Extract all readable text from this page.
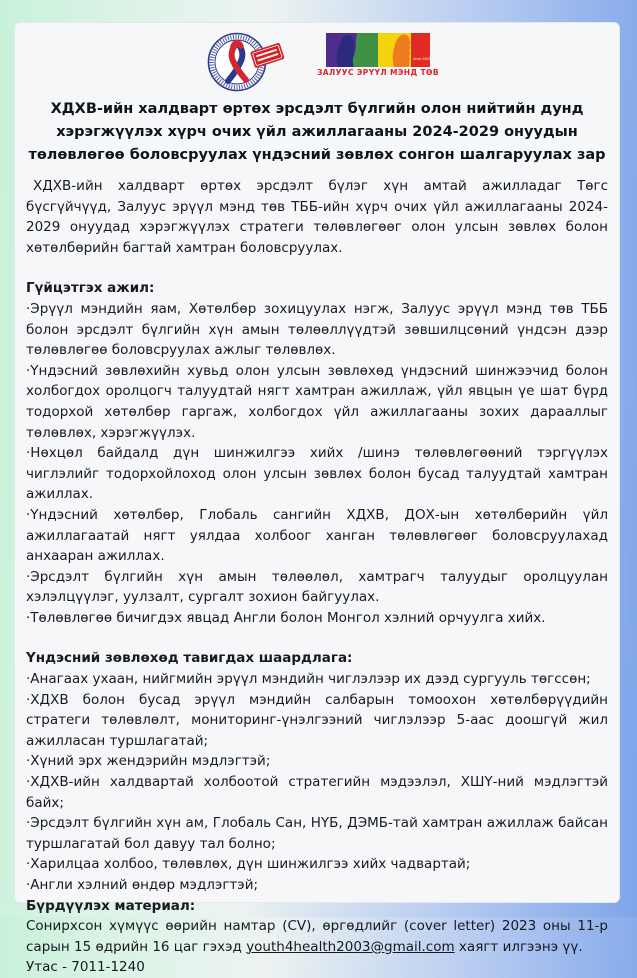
since 2003
ЗАЛУУС ЭРҮҮЛ МЭНД ТӨВ
ХДХВ-ийн халдварт өртөх эрсдэлт бүлгийн олон нийтийн дунд хэрэгжүүлэх хүрч очих үйл ажиллагааны 2024-2029 онуудын төлөвлөгөө боловсруулах үндэсний зөвлөх сонгон шалгаруулах зар

ХДХВ-ийн халдварт өртөх эрсдэлт бүлэг хүн амтай ажилладаг Төгс бүсгүйчүүд, Залуус эрүүл мэнд төв ТББ-ийн хүрч очих үйл ажиллагааны 2024-2029 онуудад хэрэгжүүлэх стратеги төлөвлөгөөг олон улсын зөвлөх болон хөтөлбөрийн багтай хамтран боловсруулах.

Гүйцэтгэх ажил:

·Эрүүл мэндийн яам, Хөтөлбөр зохицуулах нэгж, Залуус эрүүл мэнд төв ТББ болон эрсдэлт бүлгийн хүн амын төлөөллүүдтэй зөвшилцсөний үндсэн дээр төлөвлөгөө боловсруулах ажлыг төлөвлөх.

·Үндэсний зөвлөхийн хувьд олон улсын зөвлөхөд үндэсний шинжээчид болон холбогдох оролцогч талуудтай нягт хамтран ажиллаж, үйл явцын үе шат бүрд тодорхой хөтөлбөр гаргаж, холбогдох үйл ажиллагааны зохих дарааллыг төлөвлөх, хэрэгжүүлэх.

·Нөхцөл байдалд дүн шинжилгээ хийх /шинэ төлөвлөгөөний тэргүүлэх чиглэлийг тодорхойлоход олон улсын зөвлөх болон бусад талуудтай хамтран ажиллах.

·Үндэсний хөтөлбөр, Глобаль сангийн ХДХВ, ДОХ-ын хөтөлбөрийн үйл ажиллагаатай нягт уялдаа холбоог ханган төлөвлөгөөг боловсруулахад анхааран ажиллах.

·Эрсдэлт бүлгийн хүн амын төлөөлөл, хамтрагч талуудыг оролцуулан хэлэлцүүлэг, уулзалт, сургалт зохион байгуулах.

·Төлөвлөгөө бичигдэх явцад Англи болон Монгол хэлний орчуулга хийх.

Үндэсний зөвлөхөд тавигдах шаардлага:

·Анагаах ухаан, нийгмийн эрүүл мэндийн чиглэлээр их дээд сургууль төгссөн;

·ХДХВ болон бусад эрүүл мэндийн салбарын томоохон хөтөлбөрүүдийн стратеги төлөвлөлт, мониторинг-үнэлгээний чиглэлээр 5-аас доошгүй жил ажилласан туршлагатай;

·Хүний эрх жендэрийн мэдлэгтэй;

·ХДХВ-ийн халдвартай холбоотой стратегийн мэдээлэл, ХШҮ-ний мэдлэгтэй байх;

·Эрсдэлт бүлгийн хүн ам, Глобаль Сан, НҮБ, ДЭМБ-тай хамтран ажиллаж байсан туршлагатай бол давуу тал болно;

·Харилцаа холбоо, төлөвлөх, дүн шинжилгээ хийх чадвартай;

·Англи хэлний өндөр мэдлэгтэй;

Бүрдүүлэх материал:

Сонирхсон хүмүүс өөрийн намтар (CV), өргөдлийг (cover letter) 2023 оны 11-р сарын 15 өдрийн 16 цаг гэхэд youth4health2003@gmail.com хаягт илгээнэ үү.

Утас - 7011-1240
